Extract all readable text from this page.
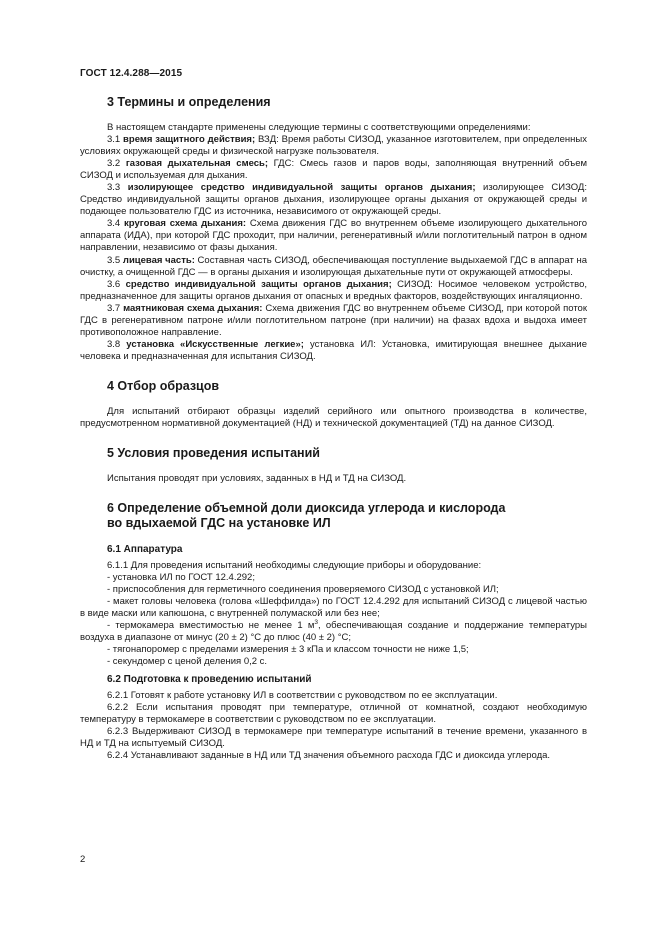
ГОСТ 12.4.288—2015
3 Термины и определения

В настоящем стандарте применены следующие термины с соответствующими определениями:

3.1 время защитного действия; ВЗД: Время работы СИЗОД, указанное изготовителем, при определенных условиях окружающей среды и физической нагрузке пользователя.

3.2 газовая дыхательная смесь; ГДС: Смесь газов и паров воды, заполняющая внутренний объем СИЗОД и используемая для дыхания.

3.3 изолирующее средство индивидуальной защиты органов дыхания; изолирующее СИЗОД: Средство индивидуальной защиты органов дыхания, изолирующее органы дыхания от окружающей среды и подающее пользователю ГДС из источника, независимого от окружающей среды.

3.4 круговая схема дыхания: Схема движения ГДС во внутреннем объеме изолирующего дыхательного аппарата (ИДА), при которой ГДС проходит, при наличии, регенеративный и/или поглотительный патрон в одном направлении, независимо от фазы дыхания.

3.5 лицевая часть: Составная часть СИЗОД, обеспечивающая поступление выдыхаемой ГДС в аппарат на очистку, а очищенной ГДС — в органы дыхания и изолирующая дыхательные пути от окружающей атмосферы.

3.6 средство индивидуальной защиты органов дыхания; СИЗОД: Носимое человеком устройство, предназначенное для защиты органов дыхания от опасных и вредных факторов, воздействующих ингаляционно.

3.7 маятниковая схема дыхания: Схема движения ГДС во внутреннем объеме СИЗОД, при которой поток ГДС в регенеративном патроне и/или поглотительном патроне (при наличии) на фазах вдоха и выдоха имеет противоположное направление.

3.8 установка «Искусственные легкие»; установка ИЛ: Установка, имитирующая внешнее дыхание человека и предназначенная для испытания СИЗОД.

4 Отбор образцов

Для испытаний отбирают образцы изделий серийного или опытного производства в количестве, предусмотренном нормативной документацией (НД) и технической документацией (ТД) на данное СИЗОД.

5 Условия проведения испытаний

Испытания проводят при условиях, заданных в НД и ТД на СИЗОД.

6 Определение объемной доли диоксида углерода и кислорода
во вдыхаемой ГДС на установке ИЛ
6.1 Аппаратура

6.1.1 Для проведения испытаний необходимы следующие приборы и оборудование:

- установка ИЛ по ГОСТ 12.4.292;

- приспособления для герметичного соединения проверяемого СИЗОД с установкой ИЛ;

- макет головы человека (голова «Шеффилда») по ГОСТ 12.4.292 для испытаний СИЗОД с лицевой частью в виде маски или капюшона, с внутренней полумаской или без нее;

- термокамера вместимостью не менее 1 $м^3$, обеспечивающая создание и поддержание температуры воздуха в диапазоне от минус (20 ± 2) °С до плюс (40 ± 2) °С;

- тягонапоромер с пределами измерения ± 3 кПа и классом точности не ниже 1,5;

- секундомер с ценой деления 0,2 с.

6.2 Подготовка к проведению испытаний

6.2.1 Готовят к работе установку ИЛ в соответствии с руководством по ее эксплуатации.

6.2.2 Если испытания проводят при температуре, отличной от комнатной, создают необходимую температуру в термокамере в соответствии с руководством по ее эксплуатации.

6.2.3 Выдерживают СИЗОД в термокамере при температуре испытаний в течение времени, указанного в НД и ТД на испытуемый СИЗОД.

6.2.4 Устанавливают заданные в НД или ТД значения объемного расхода ГДС и диоксида углерода.

2
